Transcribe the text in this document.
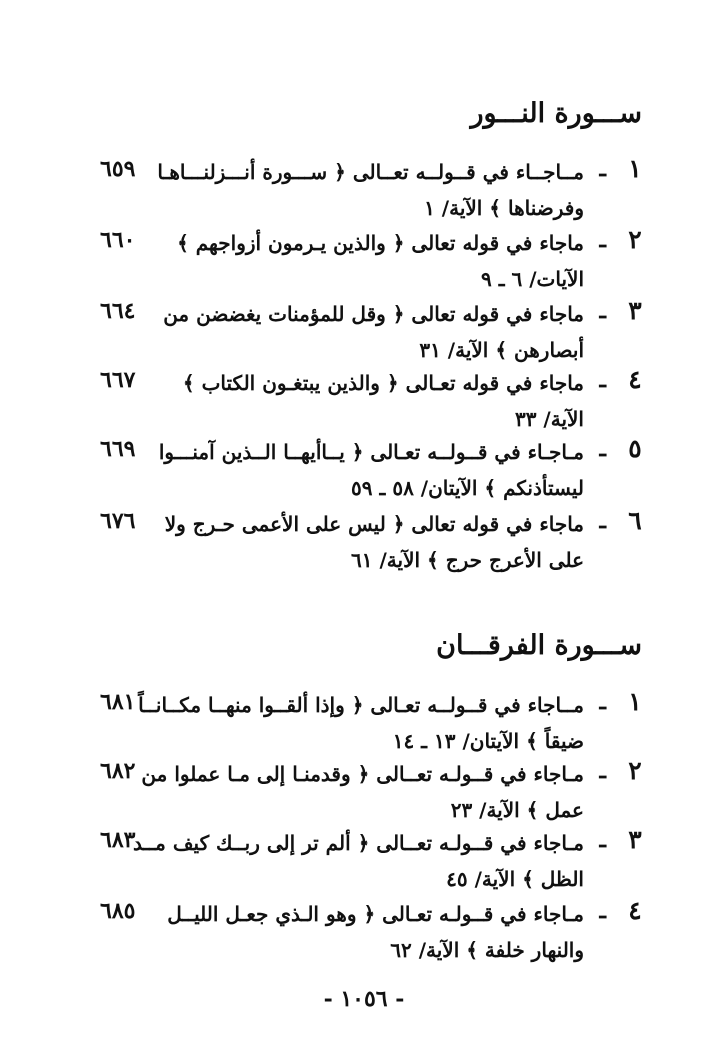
ســـورة النـــور
١
ـ
مــاجــاء في قــولــه تعــالى ﴿ ســـورة أنـــزلنـــاهـا
وفرضناها ﴾ الآية/ ١
٦٥٩
٢
ـ
ماجاء في قوله تعالى ﴿ والذين يـرمون أزواجهم ﴾
الآيات/ ٦ ـ ٩
٦٦٠
٣
ـ
ماجاء في قوله تعالى ﴿ وقل للمؤمنات يغضضن من
أبصارهن ﴾ الآية/ ٣١
٦٦٤
٤
ـ
ماجاء في قوله تعـالى ﴿ والذين يبتغـون الكتاب ﴾
الآية/ ٣٣
٦٦٧
٥
ـ
مـاجـاء في قــولــه تعـالى ﴿ يــاأيهــا الــذين آمنـــوا
ليستأذنكم ﴾ الآيتان/ ٥٨ ـ ٥٩
٦٦٩
٦
ـ
ماجاء في قوله تعالى ﴿ ليس على الأعمى حـرج ولا
على الأعرج حرج ﴾ الآية/ ٦١
٦٧٦
ســـورة الفرقـــان
١
ـ
مــاجاء في قــولــه تعـالى ﴿ وإذا ألقــوا منهــا مكــانــاً
ضيقاً ﴾ الآيتان/ ١٣ ـ ١٤
٦٨١
٢
ـ
مـاجاء في قــولـه تعــالى ﴿ وقدمنـا إلى مـا عملوا من
عمل ﴾ الآية/ ٢٣
٦٨٢
٣
ـ
مـاجاء في قــولـه تعــالى ﴿ ألم تر إلى ربــك كيف مــد
الظل ﴾ الآية/ ٤٥
٦٨٣
٤
ـ
مـاجاء في قــولـه تعـالى ﴿ وهو الـذي جعـل الليــل
والنهار خلفة ﴾ الآية/ ٦٢
٦٨٥
- ١٠٥٦ -
